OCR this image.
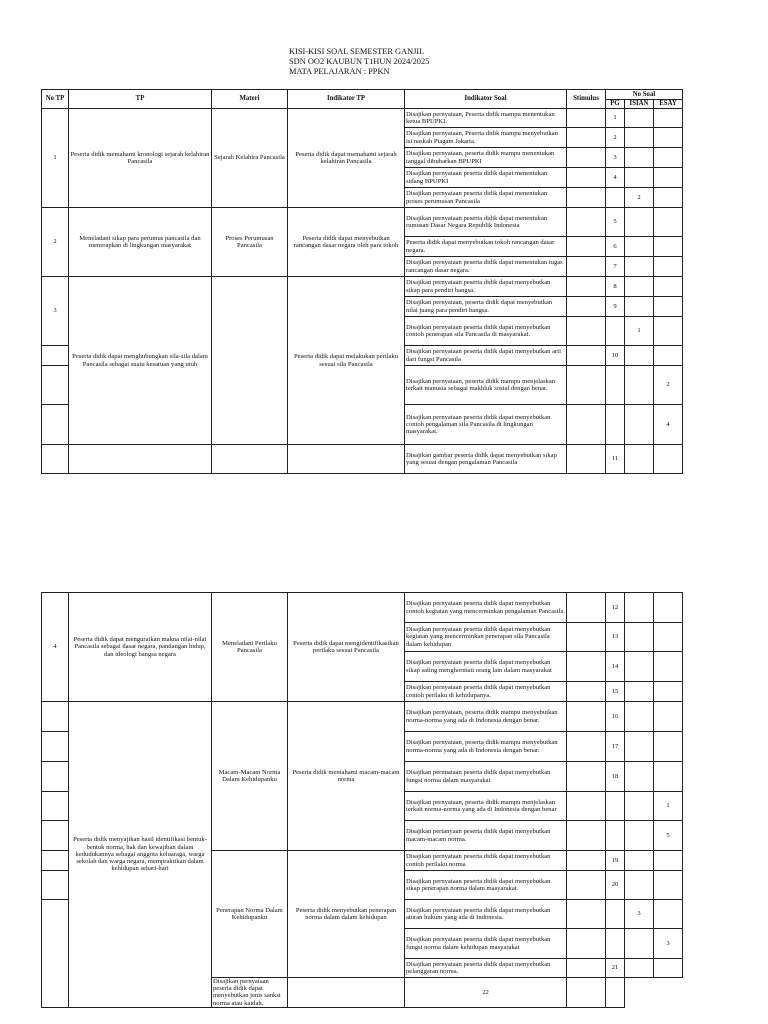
KISI-KISI SOAL SEMESTER GANJIL
SDN OO2 KAUBUN T1HUN 2024/2025
MATA PELAJARAN : PPKN
No TP	TP	Materi	Indikator TP	Indikator Soal	Stimulus	No Soal		
						PG	ISIAN	ESAY
1	Peserta didik memahami kronologi sejarah kelahiran Pancasila	Sejarah Kelahira Pancasila	Peserta didik dapat memahami sejarah kelahiran Pancasila	Disajikan pernyataan, Peserta didik mampu menentukan ketua BPUPKI.		1		

				Disajikan pernyataan, Peserta didik mampu menyebutkan isi naskah Piagam Jakarta.		2		

				Disajikan pernyataan, peserta didik mampu menentukan tanggal dibubarkan BPUPKI		3		

				Disajikan pernyataan peserta didik dapat menentukan sidang BPUPKI		4		

				Disajikan pernyataan peserta didik dapat menentukan proses perumusan Pancasila			2	
2	Meneladani sikap para perumus pancasila dan menerapkan di lingkungan masyarakat	Proses Perumusan Pancasila	Peserta didik dapat menyebutkan rancangan dasar negara oleh para tokoh	Disajikan pernyataan peserta didik dapat menentukan rumusan Dasar Negara Republik Indonesia		5		

				Peserta didik dapat menyebutkan tokoh rancangan dasar negara.		6		

				Disajikan pernyataan peserta didik dapat menentukan tugas rancangan dasar negara.		7		
3	Peserta didik dapat menghubungkan sila-sila dalam Pancasila sebagai suatu kesatuan yang utuh		Peserta didik dapat melakukan perilaku sesuai sila Pancasila	Disajikan pernyataan peserta didik dapat menyebutkan sikap para pendiri bangsa.		8		

				Disajikan pernyataan, peserta didik dapat menyebutkan nilai juang para pendiri bangsa.		9		

				Disajikan pernyataan peserta didik dapat menyebutkan contoh penerapan sila Pancasila di masyarakat.			1	

				Disajikan pernyataan peserta didik dapat menyebutkan arti dari fungsi Pancasila		10		

				Disajikan pernyataan, peserta didik mampu menjelaskan terkait manusia sebagai makhluk sosial dengan benar.				2

				Disajikan pernyataan peserta didik dapat menyebutkan contoh pengalaman sila Pancasila di lingkungan masyarakat.				4

				Disajikan gambar peserta didik dapat menyebutkan sikap yang sesuai dengan pengalaman Pancasila		11		
4	Peserta didik dapat menguraikan makna nilai-nilai Pancasila sebagai dasar negara, pandangan hidup, dan ideologi bangsa negara	Meneladani Perilaku Pancasila	Peserta didik dapat mengidentifikasikan perilaku sesuai Pancasila	Disajikan pernyataan peserta didik dapat menyebutkan contoh kegiatan yang mencerminkan pengalaman Pancasila.		12		

				Disajikan pernyataan peserta didik dapat menyebutkan kegiatan yang mencerminkan penerapan sila Pancasila dalam kehidupan		13		

				Disajikan pernyataan peserta didik dapat menyebutkan sikap saling menghormati orang lain dalam masyarakat		14		

				Disajikan pernyataan peserta didik dapat menyebutkan contoh perilaku di kehidupanya.		15		
	Peserta didik menyajikan hasil identifikasi bentuk-bentuk norma, hak dan kewajiban dalam kedudukannya sebagai anggota keluaraga, warga sekolah dan warga negara, mempraktikan dalam kehidupan sehari-hari	Macam-Macam Norma Dalam Kehidupanku	Peserta didik memahami macam-macam norma	Disajikan pernyataan, peserta didik mampu menyebutkan norma-norma yang ada di Indonesia dengan benar.		16		

				Disajikan pernyataan, peserta didik mampu menyebutkan norma-norma yang ada di Indonesia dengan benar.		17		

				Disajikan pernnataan peserta didik dapat menyebutkan fungsi norma dalam masyarakat		18		

				Disajikan pernyataan, peserta didik mampu menjelaskan terkait norma-norma yang ada di Indonesia dengan benar				1

				Disajikan pertanyaan peserta didik dapat menyebutkan macam-macam norma.				5
		Penerapan Norma Dalam Kehidupanku	Peserta didik menyebutkan penerapan norma dalam dalam kehidupan	Disajikan pernyataan peserta didik dapat menyebutkan contoh perilaku norma		19		

				Disajikan pernyataan peserta didik dapat menyebutkan sikap penerapan norma dalam masyarakat.		20		

				Disajikan pernyataan peserta didik dapat menyebutkan aturan hukum yang ada di Indonesia.			3	

				Disajikan pernyataan peserta didik dapat menyebutkan fungsi norma dalam kehidupan masyarakat				3

				Disajikan pernyataan peserta didik dapat menyebutkan pelanggaran norma.		21		

		Disajikan pernyataan peserta didik dapat menyebutkan jenis sanksi norma atau kaidah.		22				
